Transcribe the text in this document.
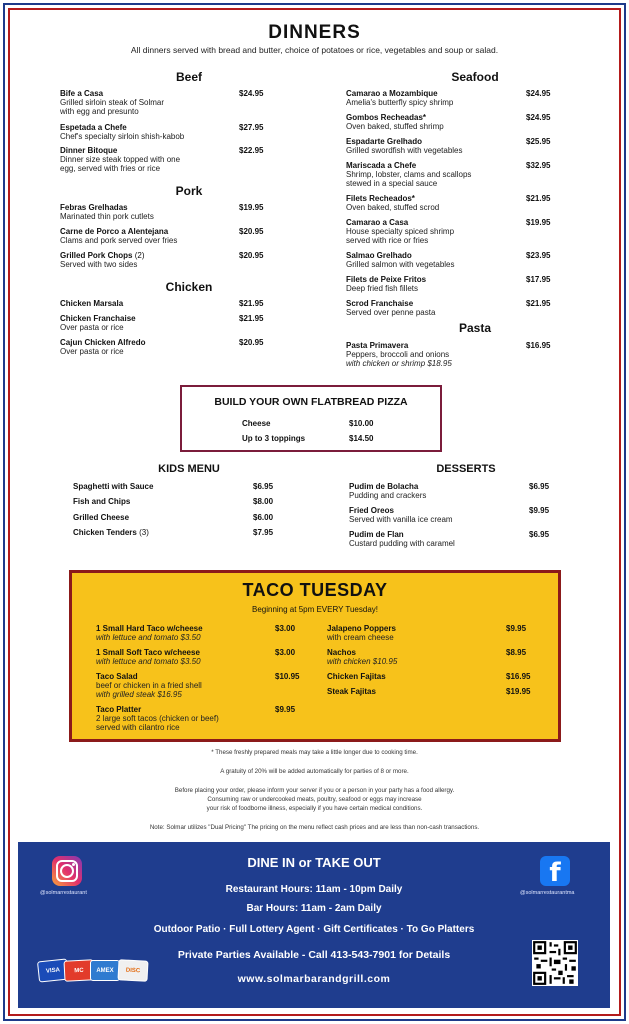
DINNERS
All dinners served with bread and butter, choice of potatoes or rice, vegetables and soup or salad.
Beef
Bife a Casa
Grilled sirloin steak of Solmar
with egg and presunto
$24.95
Espetada a Chefe
Chef's specialty sirloin shish-kabob
$27.95
Dinner Bitoque
Dinner size steak topped with one
egg, served with fries or rice
$22.95
Pork
Febras Grelhadas
Marinated thin pork cutlets
$19.95
Carne de Porco a Alentejana
Clams and pork served over fries
$20.95
Grilled Pork Chops (2)
Served with two sides
$20.95
Chicken
Chicken Marsala	$21.95
Chicken Franchaise
Over pasta or rice
$21.95
Cajun Chicken Alfredo
Over pasta or rice
$20.95
Seafood
Camarao a Mozambique
Amelia's butterfly spicy shrimp
$24.95
Gombos Recheadas*
Oven baked, stuffed shrimp
$24.95
Espadarte Grelhado
Grilled swordfish with vegetables
$25.95
Mariscada a Chefe
Shrimp, lobster, clams and scallops
stewed in a special sauce
$32.95
Filets Recheados*
Oven baked, stuffed scrod
$21.95
Camarao a Casa
House specialty spiced shrimp
served with rice or fries
$19.95
Salmao Grelhado
Grilled salmon with vegetables
$23.95
Filets de Peixe Fritos
Deep fried fish fillets
$17.95
Scrod Franchaise
Served over penne pasta
$21.95
Pasta
Pasta Primavera
Peppers, broccoli and onions
with chicken or shrimp $18.95
$16.95
BUILD YOUR OWN FLATBREAD PIZZA
Cheese	$10.00
Up to 3 toppings	$14.50
KIDS MENU
Spaghetti with Sauce	$6.95
Fish and Chips	$8.00
Grilled Cheese	$6.00
Chicken Tenders (3)	$7.95
DESSERTS
Pudim de Bolacha
Pudding and crackers
$6.95
Fried Oreos
Served with vanilla ice cream
$9.95
Pudim de Flan
Custard pudding with caramel
$6.95
TACO TUESDAY
Beginning at 5pm EVERY Tuesday!
1 Small Hard Taco w/cheese
with lettuce and tomato $3.50
$3.00
1 Small Soft Taco w/cheese
with lettuce and tomato $3.50
$3.00
Taco Salad
beef or chicken in a fried shell
with grilled steak $16.95
$10.95
Taco Platter
2 large soft tacos (chicken or beef)
served with cilantro rice
$9.95
Jalapeno Poppers
with cream cheese
$9.95
Nachos
with chicken $10.95
$8.95
Chicken Fajitas	$16.95
Steak Fajitas	$19.95
* These freshly prepared meals may take a little longer due to cooking time.
A gratuity of 20% will be added automatically for parties of 8 or more.
Before placing your order, please inform your server if you or a person in your party has a food allergy.
Consuming raw or undercooked meats, poultry, seafood or eggs may increase
your risk of foodborne illness, especially if you have certain medical conditions.
Note: Solmar utilizes "Dual Pricing" The pricing on the menu reflect cash prices and are less than non-cash transactions.
@solmarrestaurant
f
@solmarrestaurantma
DINE IN or TAKE OUT
Restaurant Hours: 11am - 10pm Daily
Bar Hours: 11am - 2am Daily
Outdoor Patio · Full Lottery Agent · Gift Certificates · To Go Platters
Private Parties Available - Call 413-543-7901 for Details
www.solmarbarandgrill.com
VISA	MC	AMEX	DISC
